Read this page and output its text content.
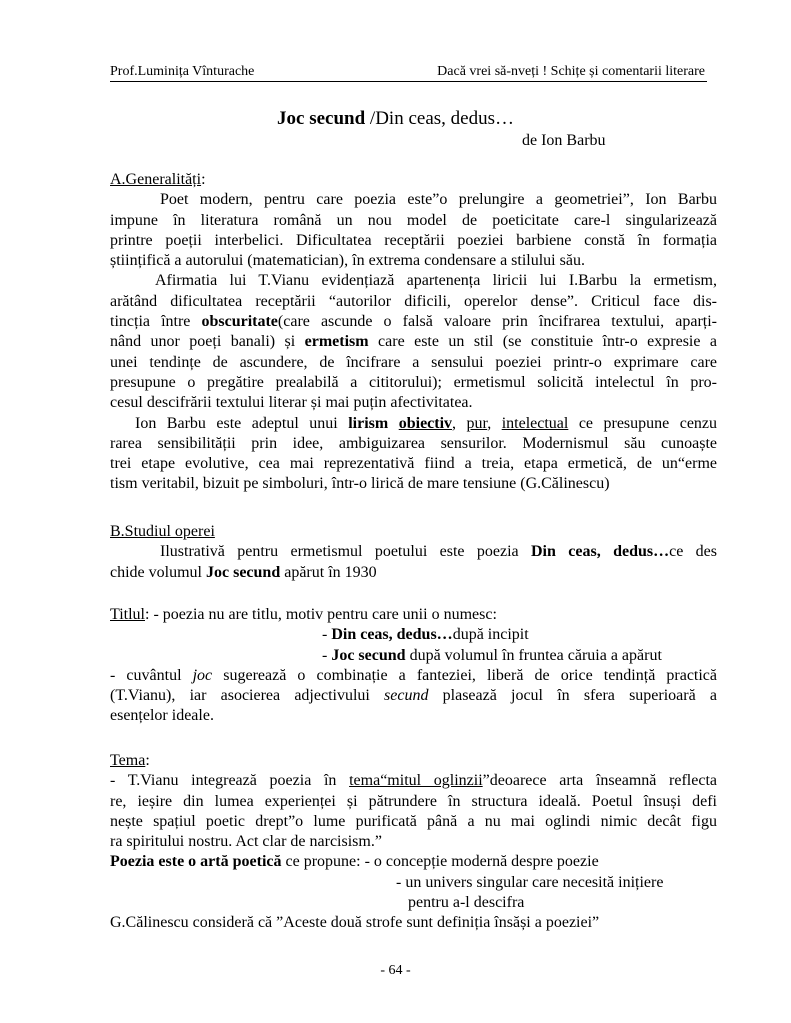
Prof.Luminița Vînturache	Dacă vrei să-nveți ! Schițe și comentarii literare
Joc secund /Din ceas, dedus…
de Ion Barbu
A.Generalități:
Poet modern, pentru care poezia este”o prelungire a geometriei”, Ion Barbu
impune în literatura română un nou model de poeticitate care-l singularizează
printre poeții interbelici. Dificultatea receptării poeziei barbiene constă în formația
științifică a autorului (matematician), în extrema condensare a stilului său.
Afirmatia lui T.Vianu evidențiază apartenența liricii lui I.Barbu la ermetism,
arătând dificultatea receptării “autorilor dificili, operelor dense”. Criticul face dis-
tincția între obscuritate(care ascunde o falsă valoare prin încifrarea textului, aparți-
nând unor poeți banali) și ermetism care este un stil (se constituie într-o expresie a
unei tendințe de ascundere, de încifrare a sensului poeziei printr-o exprimare care
presupune o pregătire prealabilă a cititorului); ermetismul solicită intelectul în pro-
cesul descifrării textului literar și mai puțin afectivitatea.
Ion Barbu este adeptul unui lirism obiectiv, pur, intelectual ce presupune cenzu
rarea sensibilității prin idee, ambiguizarea sensurilor. Modernismul său cunoaște
trei etape evolutive, cea mai reprezentativă fiind a treia, etapa ermetică, de un“erme
tism veritabil, bizuit pe simboluri, într-o lirică de mare tensiune (G.Călinescu)
B.Studiul operei
Ilustrativă pentru ermetismul poetului este poezia Din ceas, dedus…ce des
chide volumul Joc secund apărut în 1930
Titlul: - poezia nu are titlu, motiv pentru care unii o numesc:
- Din ceas, dedus…după incipit
- Joc secund după volumul în fruntea căruia a apărut
- cuvântul joc sugerează o combinație a fanteziei, liberă de orice tendință practică
(T.Vianu), iar asocierea adjectivului secund plasează jocul în sfera superioară a
esențelor ideale.
Tema:
- T.Vianu integrează poezia în tema“mitul oglinzii”deoarece arta înseamnă reflecta
re, ieșire din lumea experienței și pătrundere în structura ideală. Poetul însuși defi
nește spațiul poetic drept”o lume purificată până a nu mai oglindi nimic decât figu
ra spiritului nostru. Act clar de narcisism.”
Poezia este o artă poetică ce propune: - o concepție modernă despre poezie
- un univers singular care necesită inițiere
pentru a-l descifra
G.Călinescu consideră că ”Aceste două strofe sunt definiția însăși a poeziei”
- 64 -
